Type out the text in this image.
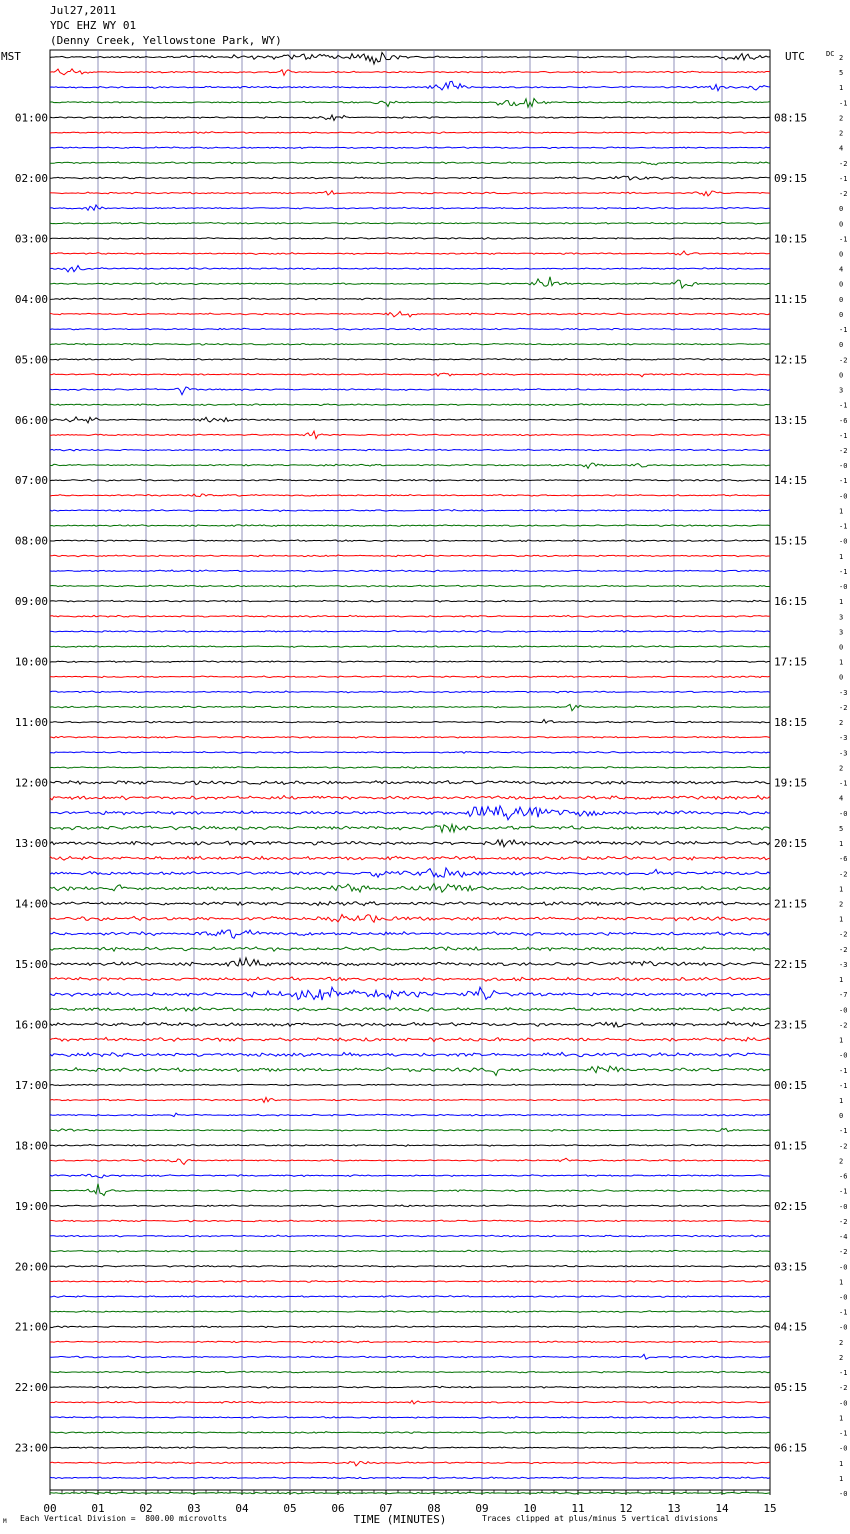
Jul27,2011
YDC EHZ WY 01
(Denny Creek, Yellowstone Park, WY)
MST	UTC	DC
00	01	02	03	04	05	06	07	08	09	10	11	12	13	14	15
TIME (MINUTES)
2
5
1
-1
2
2
4
-2
-1
-2
0
0
-1
0
4
0
0
0
-1
0
-2
0
3
-1
-6
-1
-2
-0
-1
-0
1
-1
-0
1
-1
-0
1
3
3
0
1
0
-3
-2
2
-3
-3
2
-1
4
-0
5
1
-6
-2
1
2
1
-2
-2
-3
1
-7
-0
-2
1
-0
-1
-1
1
0
-1
-2
2
-6
-1
-0
-2
-4
-2
-0
1
-0
-1
-0
2
2
-1
-2
-0
1
-1
-0
1
1
-0
01:00	08:15
02:00	09:15
03:00	10:15
04:00	11:15
05:00	12:15
06:00	13:15
07:00	14:15
08:00	15:15
09:00	16:15
10:00	17:15
11:00	18:15
12:00	19:15
13:00	20:15
14:00	21:15
15:00	22:15
16:00	23:15
17:00	00:15
18:00	01:15
19:00	02:15
20:00	03:15
21:00	04:15
22:00	05:15
23:00	06:15
M Each Vertical Division =  800.00 microvolts	Traces clipped at plus/minus 5 vertical divisions
